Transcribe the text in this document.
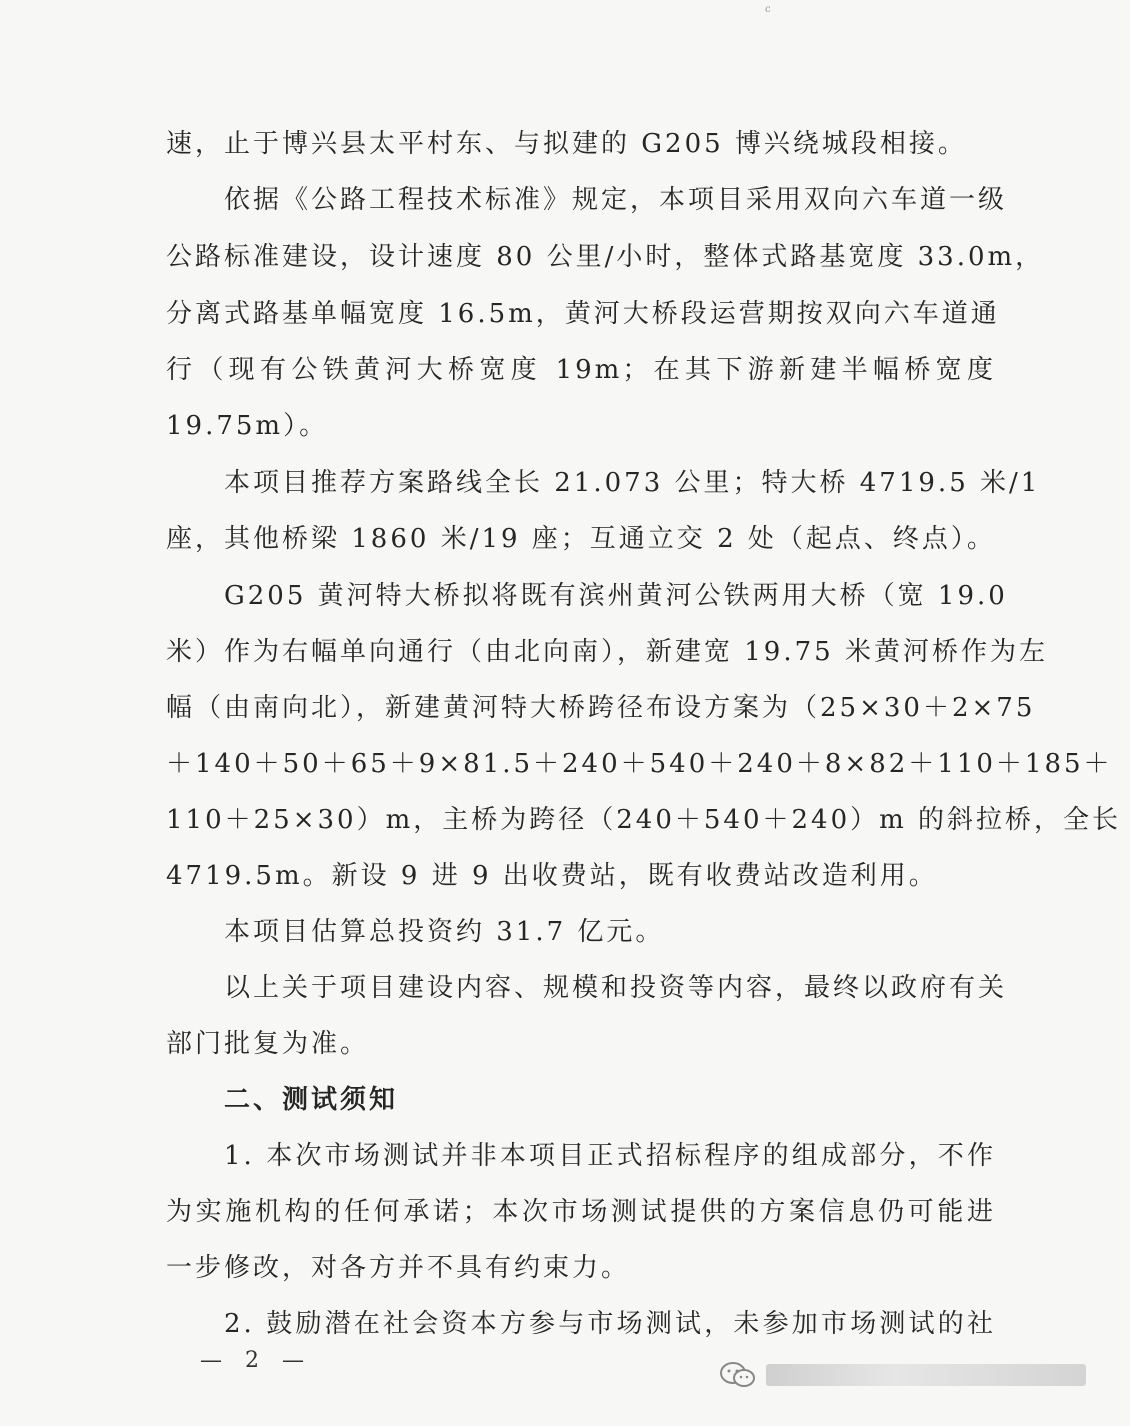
c
速，止于博兴县太平村东、与拟建的 G205 博兴绕城段相接。
依据《公路工程技术标准》规定，本项目采用双向六车道一级
公路标准建设，设计速度 80 公里/小时，整体式路基宽度 33.0m，
分离式路基单幅宽度 16.5m，黄河大桥段运营期按双向六车道通
行（现有公铁黄河大桥宽度 19m；在其下游新建半幅桥宽度
19.75m）。
本项目推荐方案路线全长 21.073 公里；特大桥 4719.5 米/1
座，其他桥梁 1860 米/19 座；互通立交 2 处（起点、终点）。
G205 黄河特大桥拟将既有滨州黄河公铁两用大桥（宽 19.0
米）作为右幅单向通行（由北向南），新建宽 19.75 米黄河桥作为左
幅（由南向北），新建黄河特大桥跨径布设方案为（25×30＋2×75
＋140＋50＋65＋9×81.5＋240＋540＋240＋8×82＋110＋185＋
110＋25×30）m，主桥为跨径（240＋540＋240）m 的斜拉桥，全长
4719.5m。新设 9 进 9 出收费站，既有收费站改造利用。
本项目估算总投资约 31.7 亿元。
以上关于项目建设内容、规模和投资等内容，最终以政府有关
部门批复为准。
二、测试须知
1. 本次市场测试并非本项目正式招标程序的组成部分，不作
为实施机构的任何承诺；本次市场测试提供的方案信息仍可能进
一步修改，对各方并不具有约束力。
2. 鼓励潜在社会资本方参与市场测试，未参加市场测试的社
— 2 —
